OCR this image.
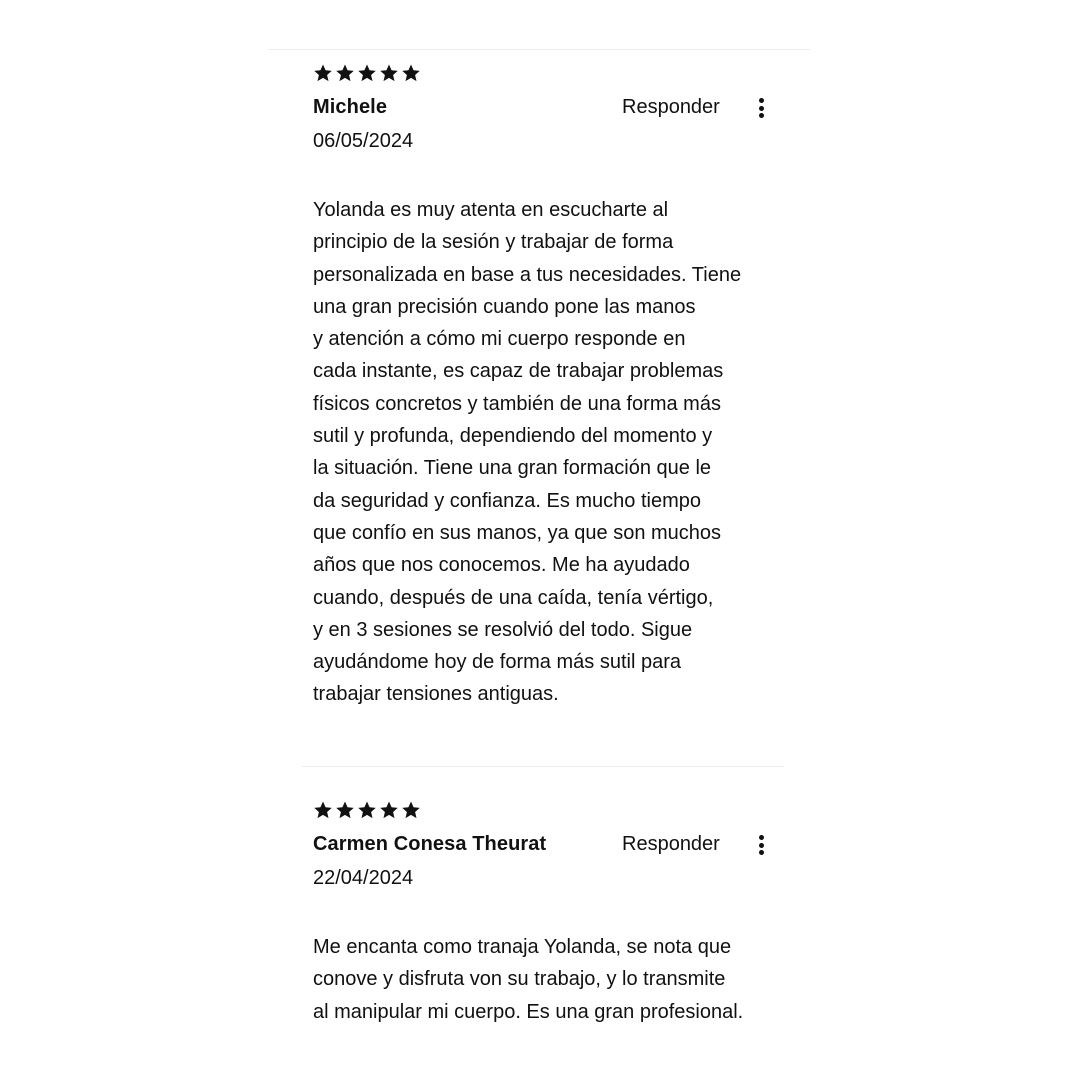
Michele	Responder
06/05/2024
Yolanda es muy atenta en escucharte al
principio de la sesión y trabajar de forma
personalizada en base a tus necesidades. Tiene
una gran precisión cuando pone las manos
y atención a cómo mi cuerpo responde en
cada instante, es capaz de trabajar problemas
físicos concretos y también de una forma más
sutil y profunda, dependiendo del momento y
la situación. Tiene una gran formación que le
da seguridad y confianza. Es mucho tiempo
que confío en sus manos, ya que son muchos
años que nos conocemos. Me ha ayudado
cuando, después de una caída, tenía vértigo,
y en 3 sesiones se resolvió del todo. Sigue
ayudándome hoy de forma más sutil para
trabajar tensiones antiguas.
Carmen Conesa Theurat	Responder
22/04/2024
Me encanta como tranaja Yolanda, se nota que
conove y disfruta von su trabajo, y lo transmite
al manipular mi cuerpo. Es una gran profesional.
